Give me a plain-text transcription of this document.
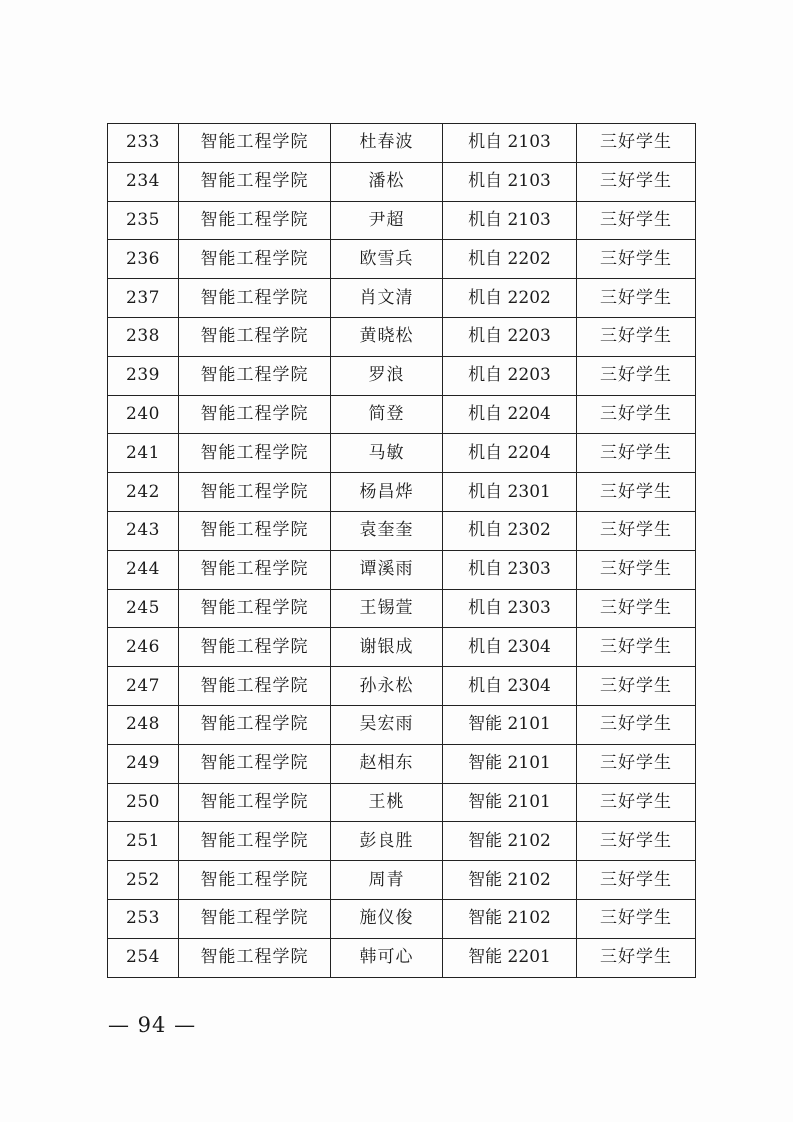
233	智能工程学院	杜春波	机自 2103	三好学生
234	智能工程学院	潘松	机自 2103	三好学生
235	智能工程学院	尹超	机自 2103	三好学生
236	智能工程学院	欧雪兵	机自 2202	三好学生
237	智能工程学院	肖文清	机自 2202	三好学生
238	智能工程学院	黄晓松	机自 2203	三好学生
239	智能工程学院	罗浪	机自 2203	三好学生
240	智能工程学院	简登	机自 2204	三好学生
241	智能工程学院	马敏	机自 2204	三好学生
242	智能工程学院	杨昌烨	机自 2301	三好学生
243	智能工程学院	袁奎奎	机自 2302	三好学生
244	智能工程学院	谭溪雨	机自 2303	三好学生
245	智能工程学院	王锡萱	机自 2303	三好学生
246	智能工程学院	谢银成	机自 2304	三好学生
247	智能工程学院	孙永松	机自 2304	三好学生
248	智能工程学院	吴宏雨	智能 2101	三好学生
249	智能工程学院	赵相东	智能 2101	三好学生
250	智能工程学院	王桃	智能 2101	三好学生
251	智能工程学院	彭良胜	智能 2102	三好学生
252	智能工程学院	周青	智能 2102	三好学生
253	智能工程学院	施仪俊	智能 2102	三好学生
254	智能工程学院	韩可心	智能 2201	三好学生
— 94 —
